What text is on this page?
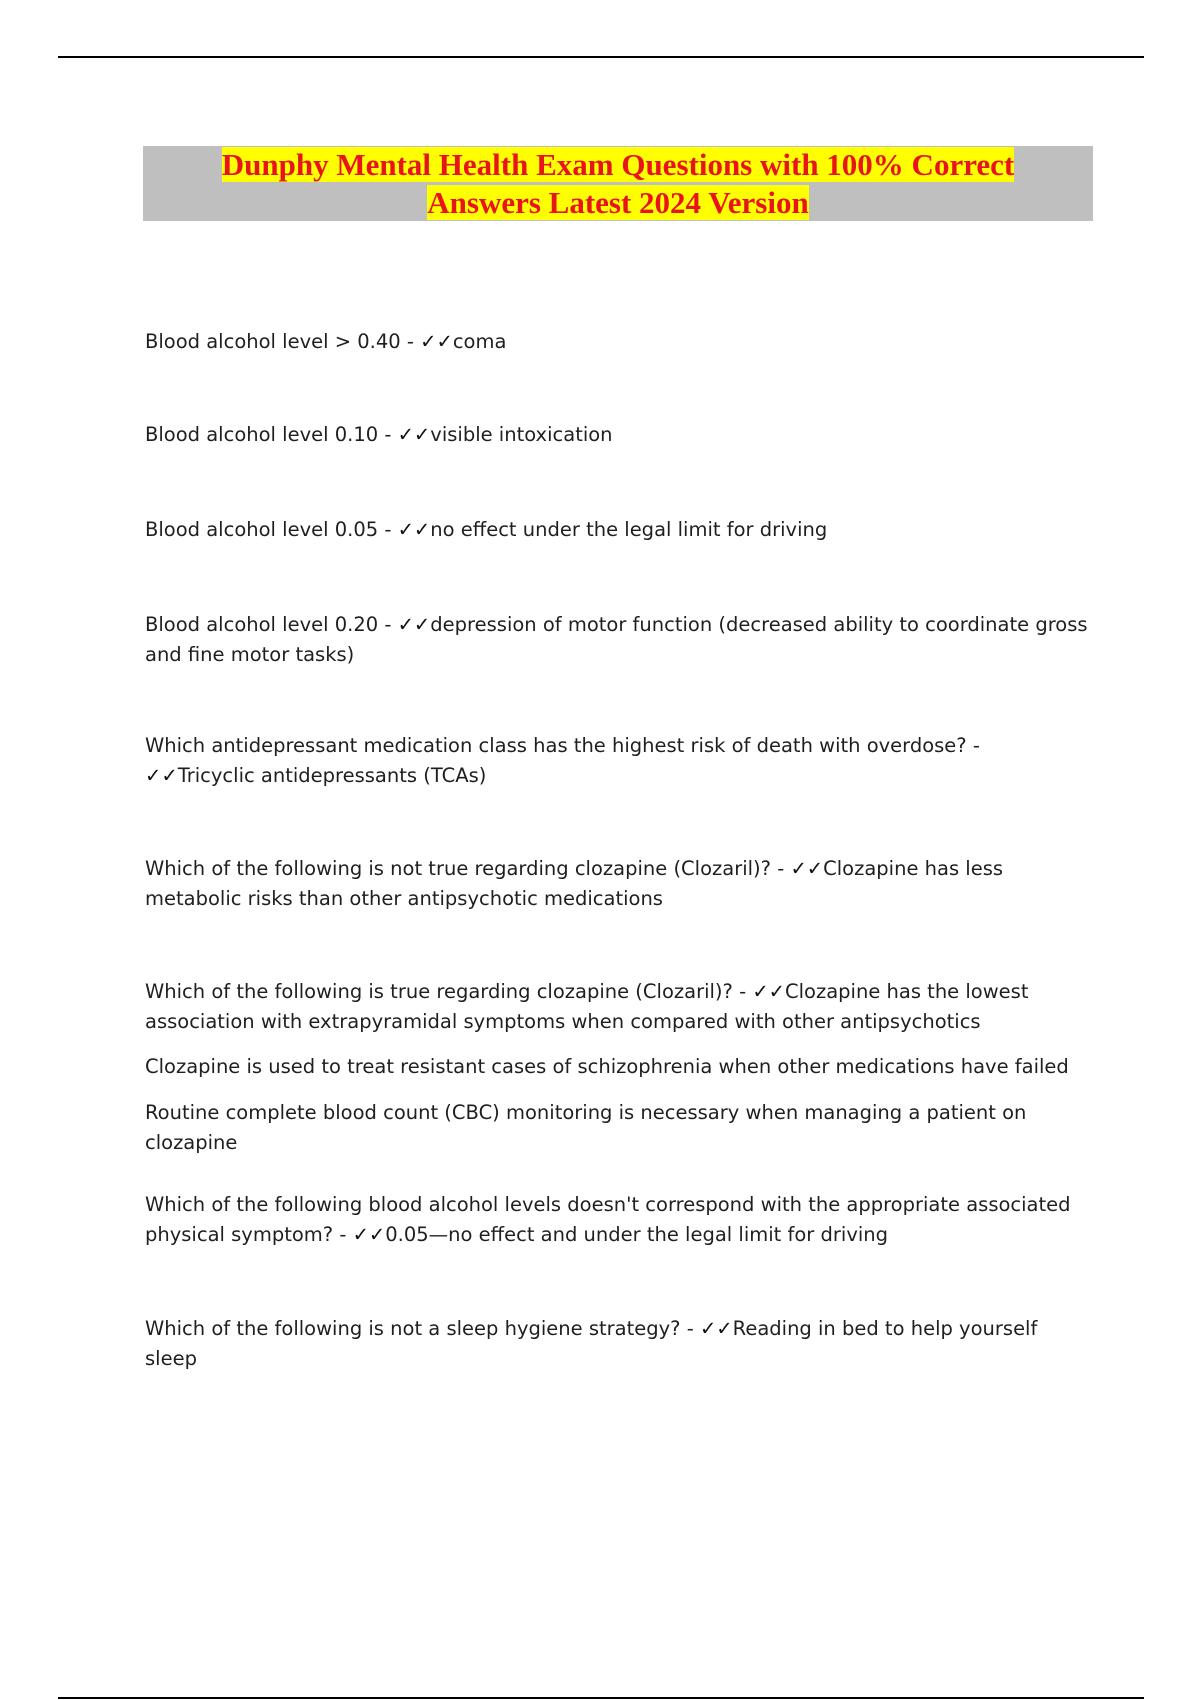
Dunphy Mental Health Exam Questions with 100% Correct Answers Latest 2024 Version

Blood alcohol level > 0.40 - ✓✓coma

Blood alcohol level 0.10 - ✓✓visible intoxication

Blood alcohol level 0.05 - ✓✓no effect under the legal limit for driving

Blood alcohol level 0.20 - ✓✓depression of motor function (decreased ability to coordinate gross and fine motor tasks)

Which antidepressant medication class has the highest risk of death with overdose? - ✓✓Tricyclic antidepressants (TCAs)

Which of the following is not true regarding clozapine (Clozaril)? - ✓✓Clozapine has less metabolic risks than other antipsychotic medications

Which of the following is true regarding clozapine (Clozaril)? - ✓✓Clozapine has the lowest association with extrapyramidal symptoms when compared with other antipsychotics

Clozapine is used to treat resistant cases of schizophrenia when other medications have failed

Routine complete blood count (CBC) monitoring is necessary when managing a patient on clozapine

Which of the following blood alcohol levels doesn't correspond with the appropriate associated physical symptom? - ✓✓0.05—no effect and under the legal limit for driving

Which of the following is not a sleep hygiene strategy? - ✓✓Reading in bed to help yourself sleep
